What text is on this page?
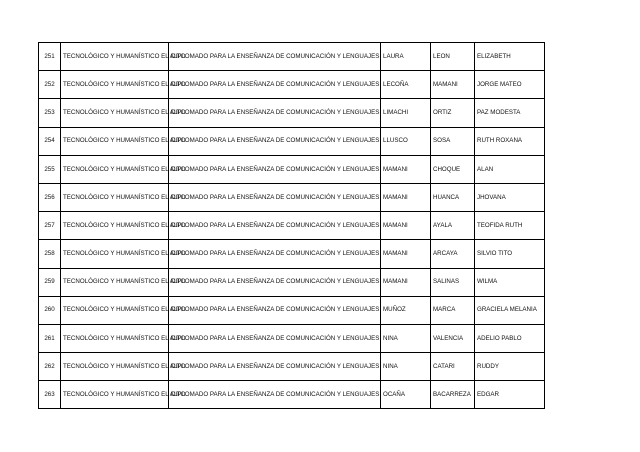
251	TECNOLÓGICO Y HUMANÍSTICO EL ALTO	DIPLOMADO PARA LA ENSEÑANZA DE COMUNICACIÓN Y LENGUAJES	LAURA	LEON	ELIZABETH
252	TECNOLÓGICO Y HUMANÍSTICO EL ALTO	DIPLOMADO PARA LA ENSEÑANZA DE COMUNICACIÓN Y LENGUAJES	LECOÑA	MAMANI	JORGE MATEO
253	TECNOLÓGICO Y HUMANÍSTICO EL ALTO	DIPLOMADO PARA LA ENSEÑANZA DE COMUNICACIÓN Y LENGUAJES	LIMACHI	ORTIZ	PAZ MODESTA
254	TECNOLÓGICO Y HUMANÍSTICO EL ALTO	DIPLOMADO PARA LA ENSEÑANZA DE COMUNICACIÓN Y LENGUAJES	LLUSCO	SOSA	RUTH ROXANA
255	TECNOLÓGICO Y HUMANÍSTICO EL ALTO	DIPLOMADO PARA LA ENSEÑANZA DE COMUNICACIÓN Y LENGUAJES	MAMANI	CHOQUE	ALAN
256	TECNOLÓGICO Y HUMANÍSTICO EL ALTO	DIPLOMADO PARA LA ENSEÑANZA DE COMUNICACIÓN Y LENGUAJES	MAMANI	HUANCA	JHOVANA
257	TECNOLÓGICO Y HUMANÍSTICO EL ALTO	DIPLOMADO PARA LA ENSEÑANZA DE COMUNICACIÓN Y LENGUAJES	MAMANI	AYALA	TEOFIDA RUTH
258	TECNOLÓGICO Y HUMANÍSTICO EL ALTO	DIPLOMADO PARA LA ENSEÑANZA DE COMUNICACIÓN Y LENGUAJES	MAMANI	ARCAYA	SILVIO TITO
259	TECNOLÓGICO Y HUMANÍSTICO EL ALTO	DIPLOMADO PARA LA ENSEÑANZA DE COMUNICACIÓN Y LENGUAJES	MAMANI	SALINAS	WILMA
260	TECNOLÓGICO Y HUMANÍSTICO EL ALTO	DIPLOMADO PARA LA ENSEÑANZA DE COMUNICACIÓN Y LENGUAJES	MUÑOZ	MARCA	GRACIELA MELANIA
261	TECNOLÓGICO Y HUMANÍSTICO EL ALTO	DIPLOMADO PARA LA ENSEÑANZA DE COMUNICACIÓN Y LENGUAJES	NINA	VALENCIA	ADELIO PABLO
262	TECNOLÓGICO Y HUMANÍSTICO EL ALTO	DIPLOMADO PARA LA ENSEÑANZA DE COMUNICACIÓN Y LENGUAJES	NINA	CATARI	RUDDY
263	TECNOLÓGICO Y HUMANÍSTICO EL ALTO	DIPLOMADO PARA LA ENSEÑANZA DE COMUNICACIÓN Y LENGUAJES	OCAÑA	BACARREZA	EDGAR
